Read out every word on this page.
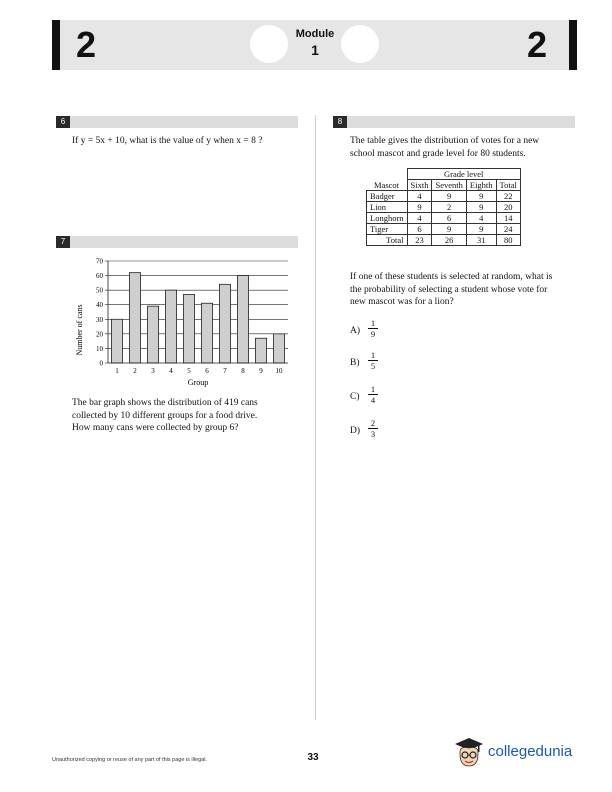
2	Module
1	2
6
If y = 5x + 10, what is the value of y when x = 8 ?
7
0
10
20
30
40
50
60
70
1 2 3 4 5 6 7 8 9 10
Number of cans
Group
The bar graph shows the distribution of 419 cans
collected by 10 different groups for a food drive.
How many cans were collected by group 6?
8
The table gives the distribution of votes for a new
school mascot and grade level for 80 students.
	Grade level			
Mascot	Sixth	Seventh	Eighth	Total
Badger	4	9	9	22
Lion	9	2	9	20
Longhorn	4	6	4	14
Tiger	6	9	9	24
Total	23	26	31	80
If one of these students is selected at random, what is
the probability of selecting a student whose vote for
new mascot was for a lion?
$A) \frac{1}{9}$
$B) \frac{1}{5}$
$C) \frac{1}{4}$
$D) \frac{2}{3}$
Unauthorized copying or reuse of any part of this page is illegal.	33	collegedunia
